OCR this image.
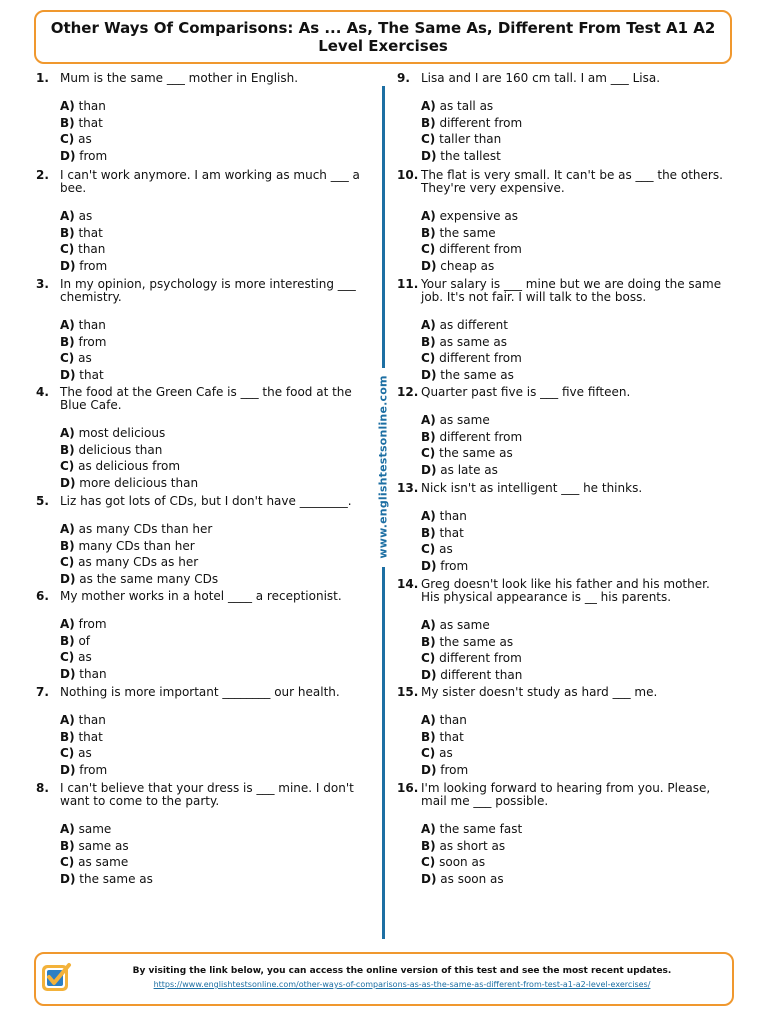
Other Ways Of Comparisons: As ... As, The Same As, Different From Test A1 A2 Level Exercises
1. Mum is the same ___ mother in English.
A) than
B) that
C) as
D) from
2. I can't work anymore. I am working as much ___ a bee.
A) as
B) that
C) than
D) from
3. In my opinion, psychology is more interesting ___ chemistry.
A) than
B) from
C) as
D) that
4. The food at the Green Cafe is ___ the food at the Blue Cafe.
A) most delicious
B) delicious than
C) as delicious from
D) more delicious than
5. Liz has got lots of CDs, but I don't have ________.
A) as many CDs than her
B) many CDs than her
C) as many CDs as her
D) as the same many CDs
6. My mother works in a hotel ____ a receptionist.
A) from
B) of
C) as
D) than
7. Nothing is more important ________ our health.
A) than
B) that
C) as
D) from
8. I can't believe that your dress is ___ mine. I don't want to come to the party.
A) same
B) same as
C) as same
D) the same as
9. Lisa and I are 160 cm tall. I am ___ Lisa.
A) as tall as
B) different from
C) taller than
D) the tallest
10. The flat is very small. It can't be as ___ the others. They're very expensive.
A) expensive as
B) the same
C) different from
D) cheap as
11. Your salary is ___ mine but we are doing the same job. It's not fair. I will talk to the boss.
A) as different
B) as same as
C) different from
D) the same as
12. Quarter past five is ___ five fifteen.
A) as same
B) different from
C) the same as
D) as late as
13. Nick isn't as intelligent ___ he thinks.
A) than
B) that
C) as
D) from
14. Greg doesn't look like his father and his mother. His physical appearance is __ his parents.
A) as same
B) the same as
C) different from
D) different than
15. My sister doesn't study as hard ___ me.
A) than
B) that
C) as
D) from
16. I'm looking forward to hearing from you. Please, mail me ___ possible.
A) the same fast
B) as short as
C) soon as
D) as soon as
www.englishtestsonline.com
By visiting the link below, you can access the online version of this test and see the most recent updates.
https://www.englishtestsonline.com/other-ways-of-comparisons-as-as-the-same-as-different-from-test-a1-a2-level-exercises/
